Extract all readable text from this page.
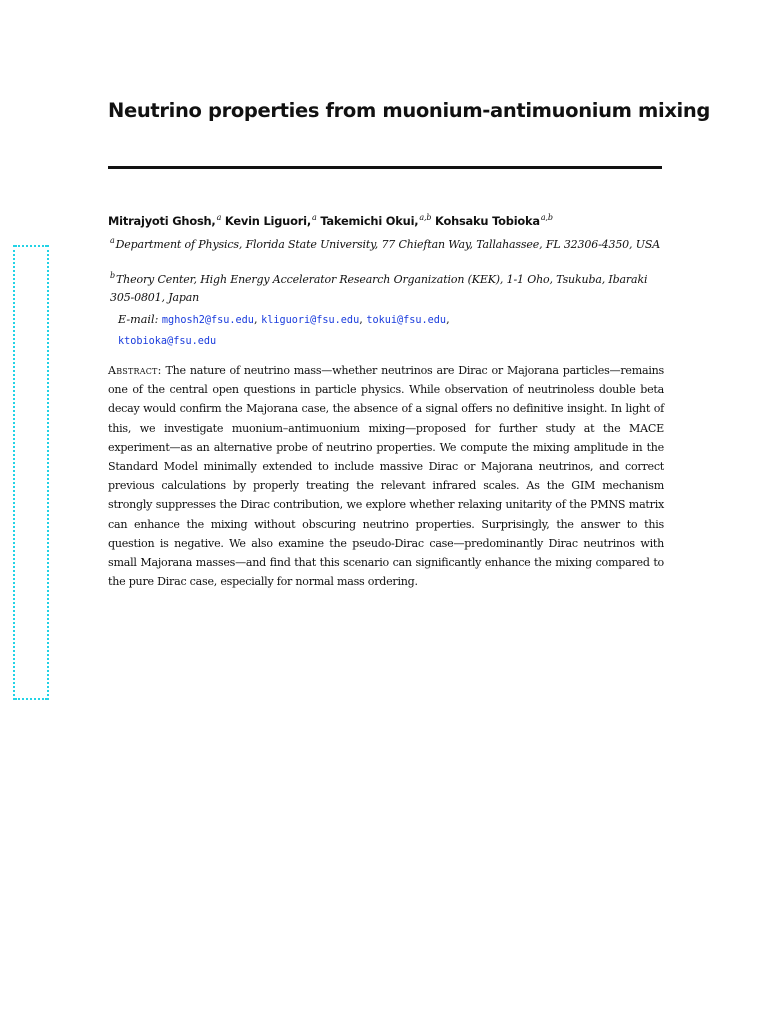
Neutrino properties from muonium-antimuonium mixing
Mitrajyoti Ghosh,$^a$ Kevin Liguori,$^a$ Takemichi Okui,$^{a,b}$ Kohsaku Tobioka$^{a,b}$
$^a$Department of Physics, Florida State University, 77 Chieftan Way, Tallahassee, FL 32306-4350, USA
$^b$Theory Center, High Energy Accelerator Research Organization (KEK), 1-1 Oho, Tsukuba, Ibaraki 305-0801, Japan
E-mail: mghosh2@fsu.edu, kliguori@fsu.edu, tokui@fsu.edu,
ktobioka@fsu.edu

Abstract: The nature of neutrino mass—whether neutrinos are Dirac or Majorana particles—remains one of the central open questions in particle physics. While observation of neutrinoless double beta decay would confirm the Majorana case, the absence of a signal offers no definitive insight. In light of this, we investigate muonium–antimuonium mixing—proposed for further study at the MACE experiment—as an alternative probe of neutrino properties. We compute the mixing amplitude in the Standard Model minimally extended to include massive Dirac or Majorana neutrinos, and correct previous calculations by properly treating the relevant infrared scales. As the GIM mechanism strongly suppresses the Dirac contribution, we explore whether relaxing unitarity of the PMNS matrix can enhance the mixing without obscuring neutrino properties. Surprisingly, the answer to this question is negative. We also examine the pseudo-Dirac case—predominantly Dirac neutrinos with small Majorana masses—and find that this scenario can significantly enhance the mixing compared to the pure Dirac case, especially for normal mass ordering.
